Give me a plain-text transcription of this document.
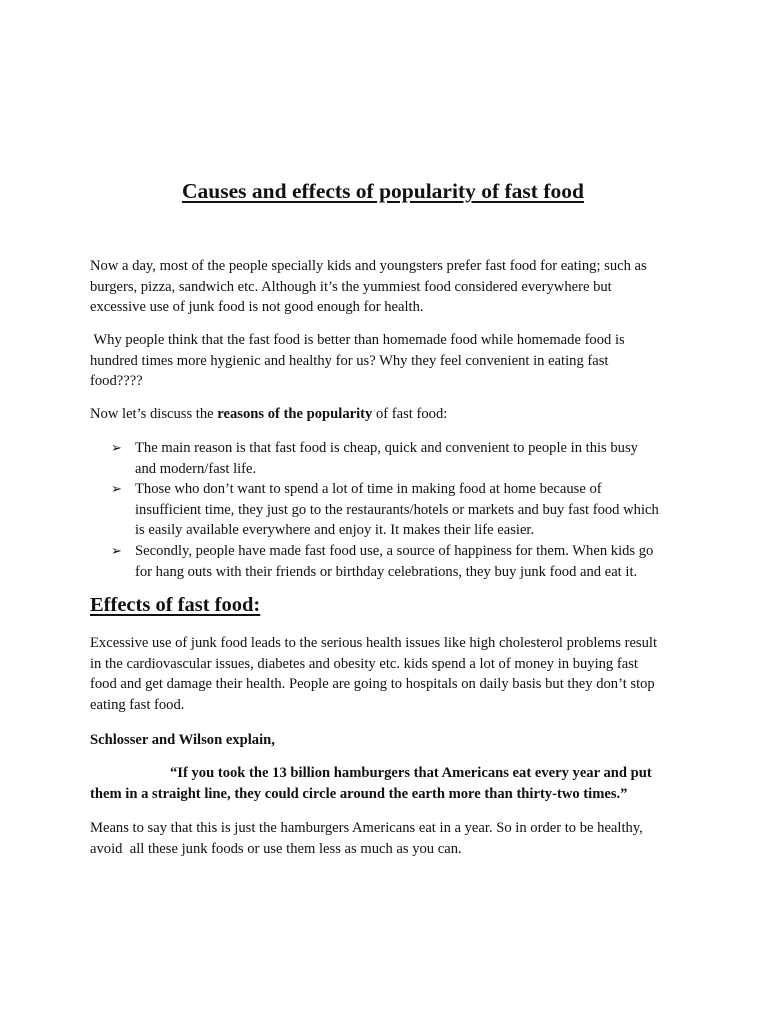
Causes and effects of popularity of fast food

Now a day, most of the people specially kids and youngsters prefer fast food for eating; such as
burgers, pizza, sandwich etc. Although it’s the yummiest food considered everywhere but
excessive use of junk food is not good enough for health.

Why people think that the fast food is better than homemade food while homemade food is
hundred times more hygienic and healthy for us? Why they feel convenient in eating fast
food????

Now let’s discuss the reasons of the popularity of fast food:

➢ The main reason is that fast food is cheap, quick and convenient to people in this busy
and modern/fast life.
➢ Those who don’t want to spend a lot of time in making food at home because of
insufficient time, they just go to the restaurants/hotels or markets and buy fast food which
is easily available everywhere and enjoy it. It makes their life easier.
➢ Secondly, people have made fast food use, a source of happiness for them. When kids go
for hang outs with their friends or birthday celebrations, they buy junk food and eat it.
Effects of fast food:

Excessive use of junk food leads to the serious health issues like high cholesterol problems result
in the cardiovascular issues, diabetes and obesity etc. kids spend a lot of money in buying fast
food and get damage their health. People are going to hospitals on daily basis but they don’t stop
eating fast food.

Schlosser and Wilson explain,

“If you took the 13 billion hamburgers that Americans eat every year and put
them in a straight line, they could circle around the earth more than thirty-two times.”

Means to say that this is just the hamburgers Americans eat in a year. So in order to be healthy,
avoid  all these junk foods or use them less as much as you can.
